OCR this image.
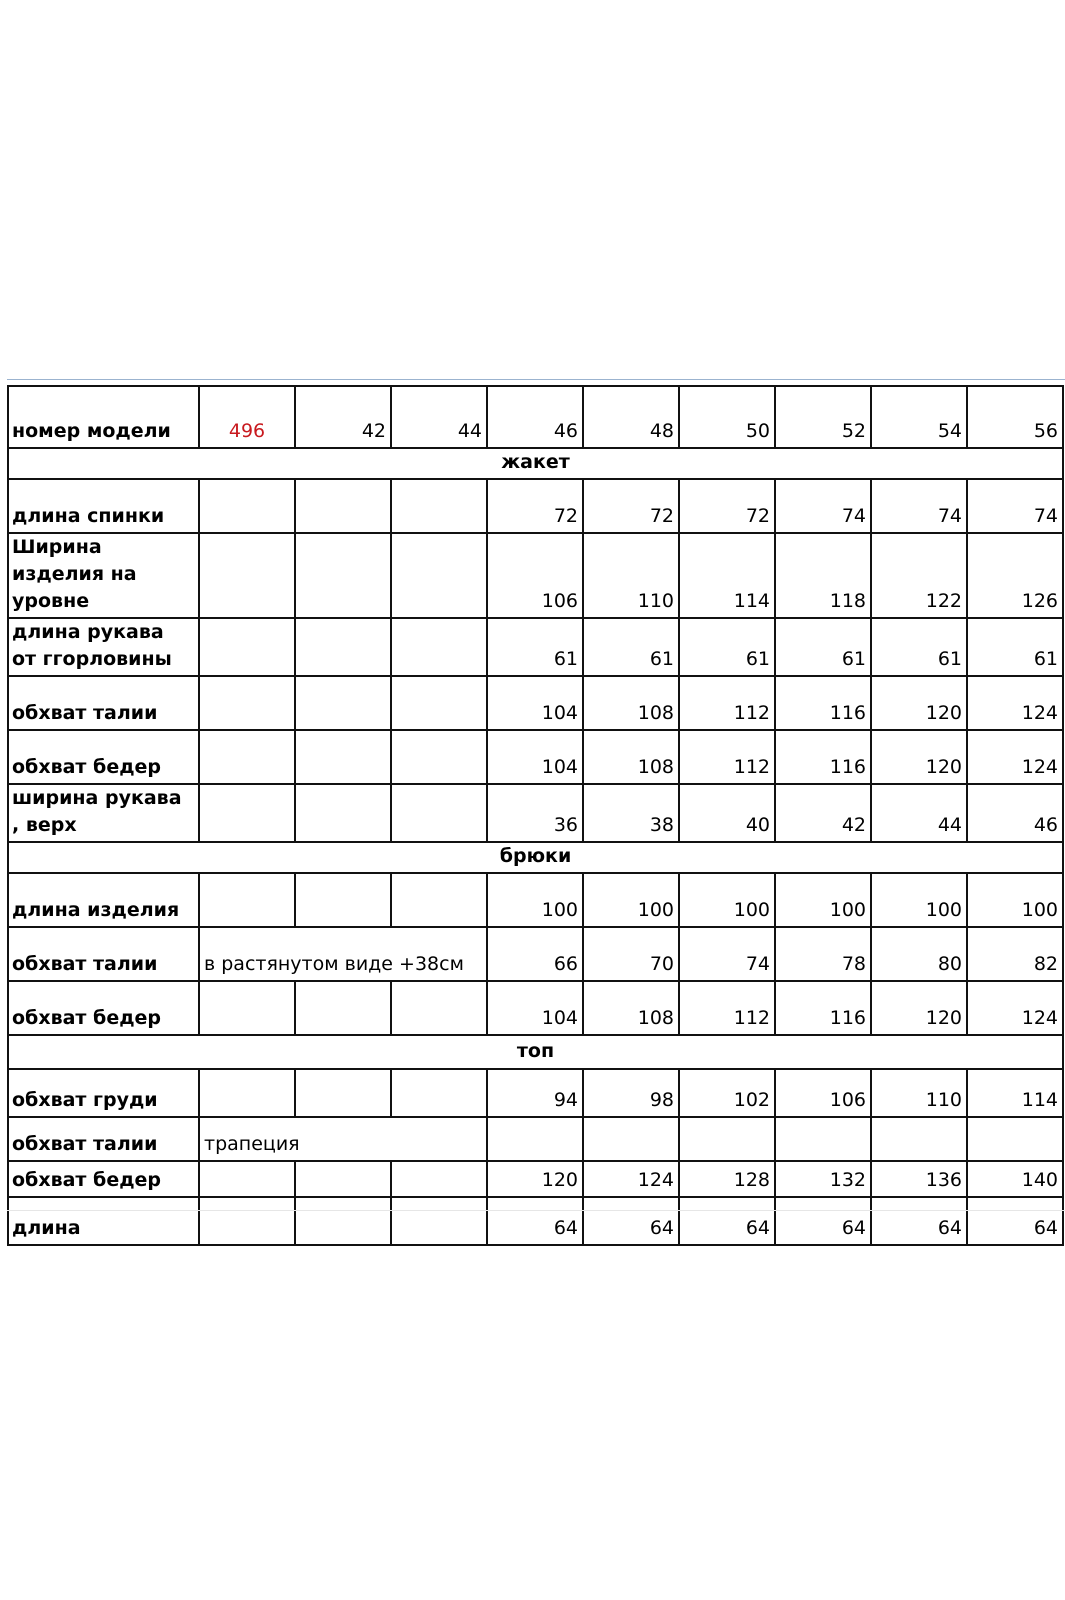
номер модели	496	42	44	46	48	50	52	54	56
жакет									
длина спинки				72	72	72	74	74	74
Ширина изделия на уровне				106	110	114	118	122	126
длина рукава от ггорловины				61	61	61	61	61	61
обхват талии				104	108	112	116	120	124
обхват бедер				104	108	112	116	120	124
ширина рукава , верх				36	38	40	42	44	46
брюки									
длина изделия				100	100	100	100	100	100
обхват талии	в растянутом виде +38см			66	70	74	78	80	82
обхват бедер				104	108	112	116	120	124
топ									
обхват груди				94	98	102	106	110	114
обхват талии	трапеция								
обхват бедер				120	124	128	132	136	140
длина				64	64	64	64	64	64
